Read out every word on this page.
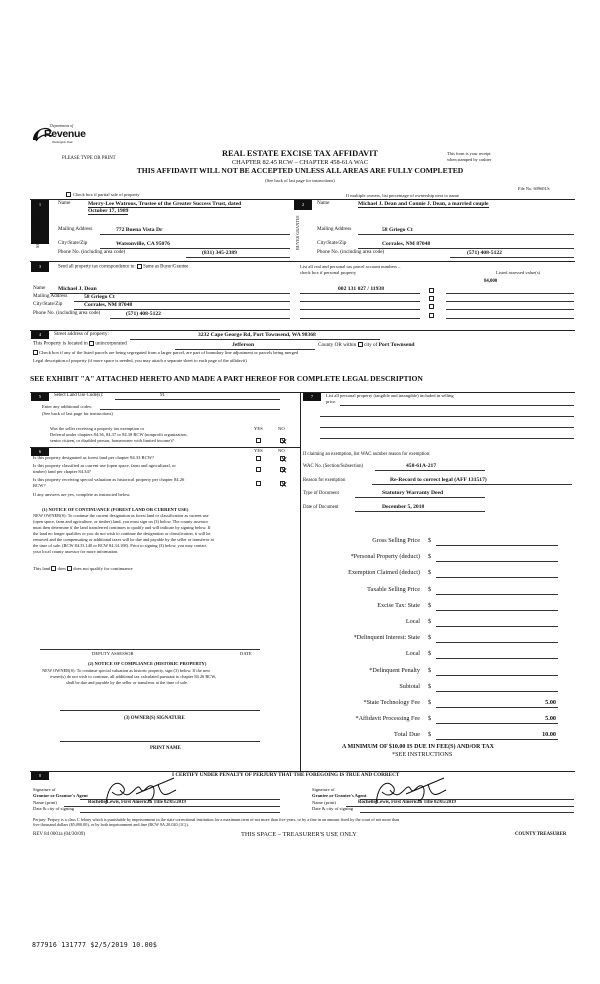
Department of
Revenue
Washington State
PLEASE TYPE OR PRINT
REAL ESTATE EXCISE TAX AFFIDAVIT
CHAPTER 82.45 RCW – CHAPTER 458-61A WAC
This form is your receipt
when stamped by cashier
THIS AFFIDAVIT WILL NOT BE ACCEPTED UNLESS ALL AREAS ARE FULLY COMPLETED
(See back of last page for instructions)
File No. 60960LS
Check box if partial sale of property	If multiple owners, list percentage of ownership next to name
1
SELLER GRANTOR
Name	Merry-Lee Watrous, Trustee of the Greater Success Trust, dated
October 17, 1989
Mailing Address	772 Buena Vista Dr
City/State/Zip	Watsonville, CA 95076
Phone No. (including area code)	(831) 345-2389
2
BUYER GRANTEE
Name	Michael J. Dean and Connie J. Dean, a married couple
Mailing Address	58 Griego Ct
City/State/Zip	Corrales, NM 87048
Phone No. (including area code)	(571) 408-5122
3	Send all property tax correspondence to: Same as Buyer/Grantee
Name Michael J. Dean
Mailing Address	58 Griego Ct
City/State/Zip	Corrales, NM 87048
Phone No. (including area code)	(571) 408-5122
List all real and personal tax parcel account numbers –
check box if personal property	Listed assessed value(s)
84,000
002 131 027 / 11938
4	Street address of property:	3232 Cape George Rd, Port Townsend, WA 98368
This Property is located in unincorporated	Jefferson	County OR within city of Port Townsend
Check box if any of the listed parcels are being segregated from a larger parcel, are part of boundary line adjustment or parcels being merged
Legal description of property (if more space is needed, you may attach a separate sheet to each page of the affidavit)
SEE EXHIBIT "A" ATTACHED HERETO AND MADE A PART HEREOF FOR COMPLETE LEGAL DESCRIPTION
5	Select Land Use Code(s):	91
Enter any additional codes:
(See back of last page for instructions)
YES	NO
Was the seller receiving a property tax exemption or
Deferral under chapters 84.36, 84.37 or 84.38 RCW (nonprofit organization,
senior citizen, or disabled person, homeowner with limited income)?
7	List all personal property (tangible and intangible) included in selling
price.
If claiming an exemption, list WAC number reason for exemption:
WAC No. (Section/Subsection)	458-61A-217
Reason for exemption	Re-Record to correct legal (AFF 131517)
Type of Document	Statutory Warranty Deed
Date of Document	December 5, 2018
6	YES	NO
Is this property designated as forest land per chapter 84.33 RCW?
Is this property classified as current use (open space, farm and agricultural, or
timber) land per chapter 84.34?
Is this property receiving special valuation as historical property per chapter 84.26
RCW?
If any answers are yes, complete as instructed below.
(1) NOTICE OF CONTINUANCE (FOREST LAND OR CURRENT USE)
NEW OWNER(S): To continue the current designation as forest land or classification as current use
(open space, farm and agriculture, or timber) land, you must sign on (3) below. The county assessor
must then determine if the land transferred continues to qualify and will indicate by signing below. If
the land no longer qualifies or you do not wish to continue the designation or classification, it will be
removed and the compensating or additional taxes will be due and payable by the seller or transferor at
the time of sale. (RCW 84.33.140 or RCW 84.34.108). Prior to signing (3) below, you may contact
your local county assessor for more information.
This land does does not qualify for continuance
DEPUTY ASSESSOR	DATE
(2) NOTICE OF COMPLIANCE (HISTORIC PROPERTY)
NEW OWNER(S): To continue special valuation as historic property, sign (3) below. If the new
owner(s) do not wish to continue, all additional tax calculated pursuant to chapter 84.26 RCW,
shall be due and payable by the seller or transferor at the time of sale.
(3) OWNER(S) SIGNATURE
PRINT NAME
Gross Selling Price $
*Personal Property (deduct) $
Exemption Claimed (deduct) $
Taxable Selling Price $
Excise Tax: State $
Local $
*Delinquent Interest: State $
Local $
*Delinquent Penalty $
Subtotal $
*State Technology Fee $	5.00
*Affidavit Processing Fee $	5.00
Total Due $	10.00
A MINIMUM OF $10.00 IS DUE IN FEE(S) AND/OR TAX
*SEE INSTRUCTIONS
8	I CERTIFY UNDER PENALTY OF PERJURY THAT THE FOREGOING IS TRUE AND CORRECT
Signature of
Grantor or Grantor's Agent
Name (print)	Rochelle Lewis, First American Title 02/05/2019
Date & city of signing
Signature of
Grantee or Grantee's Agent
Name (print)	Rochelle Lewis, First American Title 02/05/2019
Date & city of signing
Perjury: Perjury is a class C felony which is punishable by imprisonment in the state correctional institution for a maximum term of not more than five years, or by a fine in an amount fixed by the court of not more than
five thousand dollars ($5,000.00), or by both imprisonment and fine (RCW 9A.20.020 (1C)).
REV 84 0001a (04/30/09)	THIS SPACE – TREASURER'S USE ONLY	COUNTY TREASURER
877916 131777 $2/5/2019 10.00$
